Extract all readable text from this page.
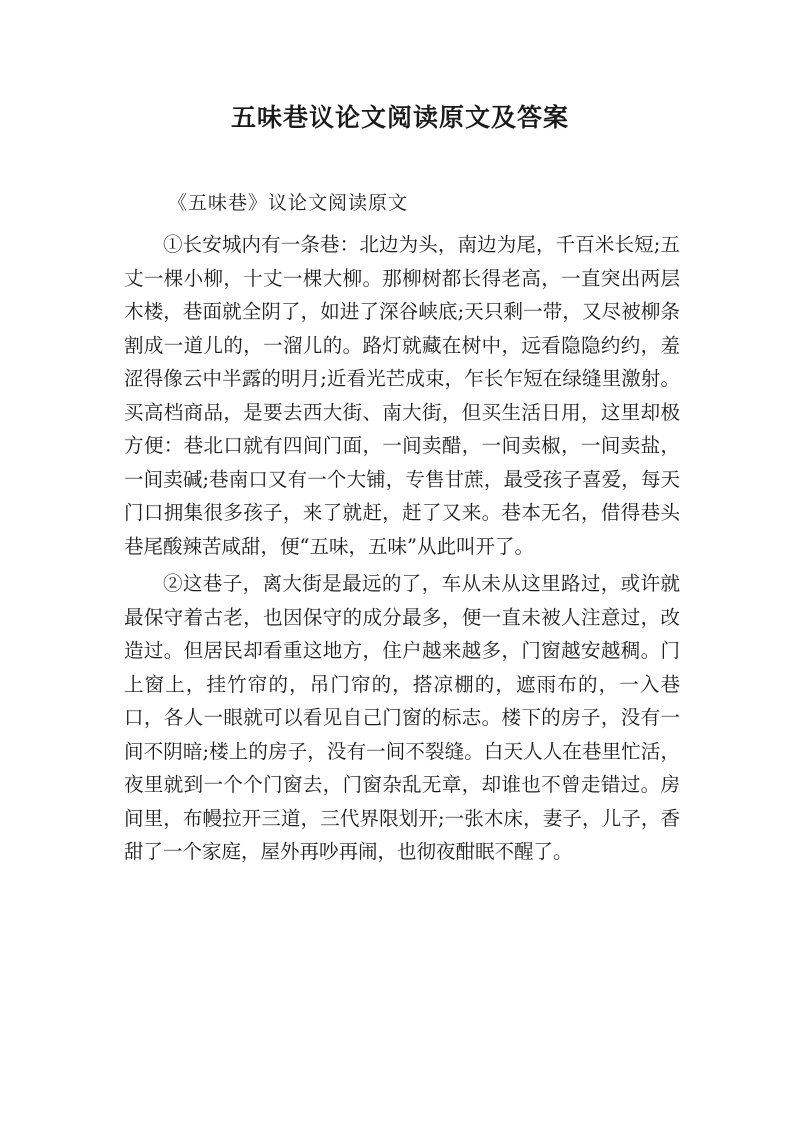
五味巷议论文阅读原文及答案

《五味巷》议论文阅读原文

①长安城内有一条巷：北边为头，南边为尾，千百米长短;五丈一棵小柳，十丈一棵大柳。那柳树都长得老高，一直突出两层木楼，巷面就全阴了，如进了深谷峡底;天只剩一带，又尽被柳条割成一道儿的，一溜儿的。路灯就藏在树中，远看隐隐约约，羞涩得像云中半露的明月;近看光芒成束，乍长乍短在绿缝里激射。买高档商品，是要去西大街、南大街，但买生活日用，这里却极方便：巷北口就有四间门面，一间卖醋，一间卖椒，一间卖盐，一间卖碱;巷南口又有一个大铺，专售甘蔗，最受孩子喜爱，每天门口拥集很多孩子，来了就赶，赶了又来。巷本无名，借得巷头巷尾酸辣苦咸甜，便“五味，五味”从此叫开了。

②这巷子，离大街是最远的了，车从未从这里路过，或许就最保守着古老，也因保守的成分最多，便一直未被人注意过，改造过。但居民却看重这地方，住户越来越多，门窗越安越稠。门上窗上，挂竹帘的，吊门帘的，搭凉棚的，遮雨布的，一入巷口，各人一眼就可以看见自己门窗的标志。楼下的房子，没有一间不阴暗;楼上的房子，没有一间不裂缝。白天人人在巷里忙活，夜里就到一个个门窗去，门窗杂乱无章，却谁也不曾走错过。房间里，布幔拉开三道，三代界限划开;一张木床，妻子，儿子，香甜了一个家庭，屋外再吵再闹，也彻夜酣眠不醒了。
